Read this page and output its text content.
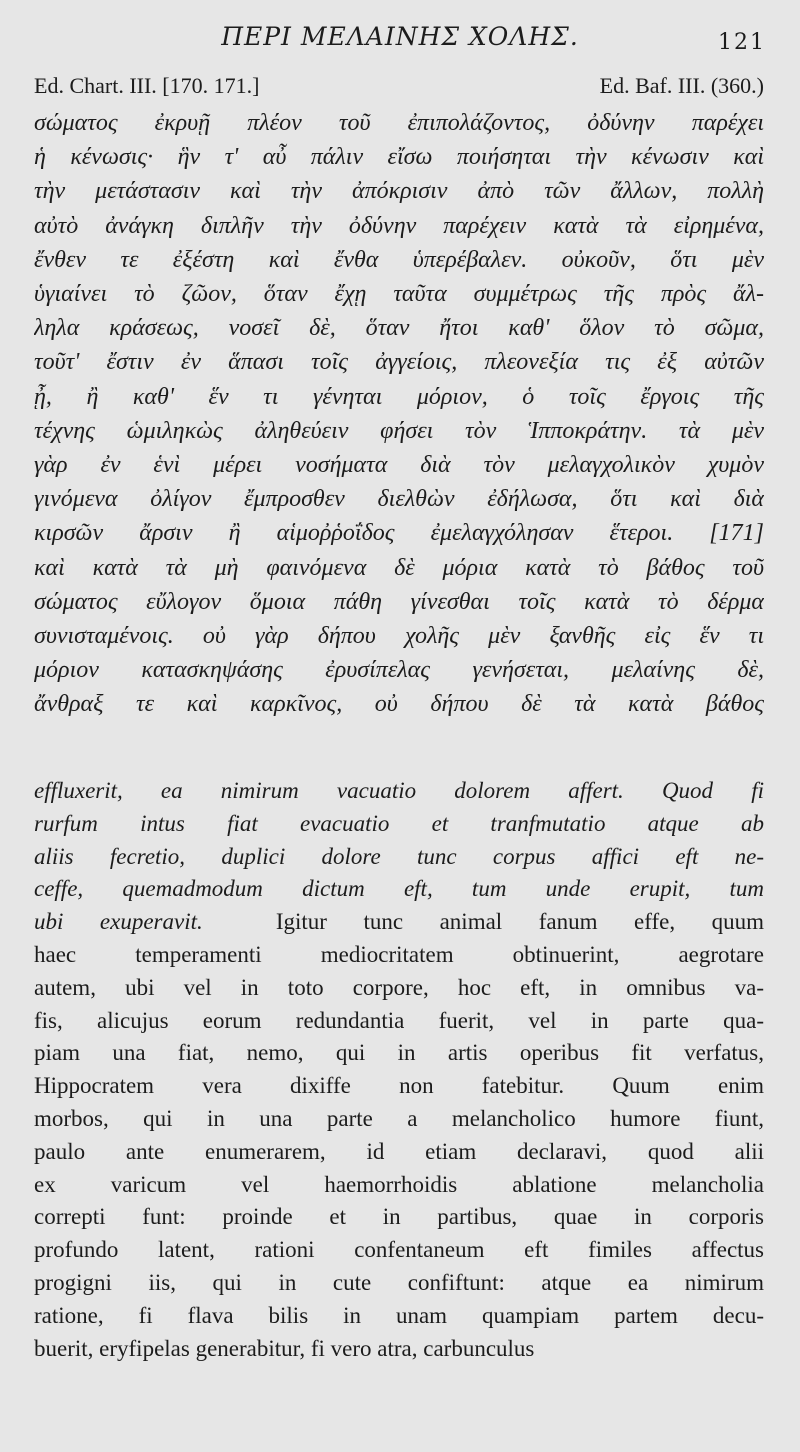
ΠΕΡΙ ΜΕΛΑΙΝΗΣ ΧΟΛΗΣ.	121
Ed. Chart. III. [170. 171.]	Ed. Baf. III. (360.)
σώματος ἐκρυῇ πλέον τοῦ ἐπιπολάζοντος, ὀδύνην παρέχει
ἡ κένωσις· ἣν τ' αὖ πάλιν εἴσω ποιήσηται τὴν κένωσιν καὶ
τὴν μετάστασιν καὶ τὴν ἀπόκρισιν ἀπὸ τῶν ἄλλων, πολλὴ
αὐτὸ ἀνάγκη διπλῆν τὴν ὀδύνην παρέχειν κατὰ τὰ εἰρημένα,
ἔνθεν τε ἐξέστη καὶ ἔνθα ὑπερέβαλεν. οὐκοῦν, ὅτι μὲν
ὑγιαίνει τὸ ζῶον, ὅταν ἔχῃ ταῦτα συμμέτρως τῆς πρὸς ἄλ-
ληλα κράσεως, νοσεῖ δὲ, ὅταν ἤτοι καθ' ὅλον τὸ σῶμα,
τοῦτ' ἔστιν ἐν ἅπασι τοῖς ἀγγείοις, πλεονεξία τις ἐξ αὐτῶν
ᾖ, ἢ καθ' ἕν τι γένηται μόριον, ὁ τοῖς ἔργοις τῆς
τέχνης ὡμιληκὼς ἀληθεύειν φήσει τὸν Ἱπποκράτην. τὰ μὲν
γὰρ ἐν ἑνὶ μέρει νοσήματα διὰ τὸν μελαγχολικὸν χυμὸν
γινόμενα ὀλίγον ἔμπροσθεν διελθὼν ἐδήλωσα, ὅτι καὶ διὰ
κιρσῶν ἄρσιν ἢ αἱμοῤῥοΐδος ἐμελαγχόλησαν ἕτεροι. [171]
καὶ κατὰ τὰ μὴ φαινόμενα δὲ μόρια κατὰ τὸ βάθος τοῦ
σώματος εὔλογον ὅμοια πάθη γίνεσθαι τοῖς κατὰ τὸ δέρμα
συνισταμένοις. οὐ γὰρ δήπου χολῆς μὲν ξανθῆς εἰς ἕν τι
μόριον κατασκηψάσης ἐρυσίπελας γενήσεται, μελαίνης δὲ,
ἄνθραξ τε καὶ καρκῖνος, οὐ δήπου δὲ τὰ κατὰ βάθος
effluxerit, ea nimirum vacuatio dolorem affert. Quod fi
rurfum intus fiat evacuatio et tranfmutatio atque ab
aliis fecretio, duplici dolore tunc corpus affici eft ne-
ceffe, quemadmodum dictum eft, tum unde erupit, tum
ubi exuperavit.	Igitur tunc animal fanum effe, quum
haec temperamenti mediocritatem obtinuerint, aegrotare
autem, ubi vel in toto corpore, hoc eft, in omnibus va-
fis, alicujus eorum redundantia fuerit, vel in parte qua-
piam una fiat, nemo, qui in artis operibus fit verfatus,
Hippocratem vera dixiffe non fatebitur. Quum enim
morbos, qui in una parte a melancholico humore fiunt,
paulo ante enumerarem, id etiam declaravi, quod alii
ex varicum vel haemorrhoidis ablatione melancholia
correpti funt: proinde et in partibus, quae in corporis
profundo latent, rationi confentaneum eft fimiles affectus
progigni iis, qui in cute confiftunt: atque ea nimirum
ratione, fi flava bilis in unam quampiam partem decu-
buerit, eryfipelas generabitur, fi vero atra, carbunculus
